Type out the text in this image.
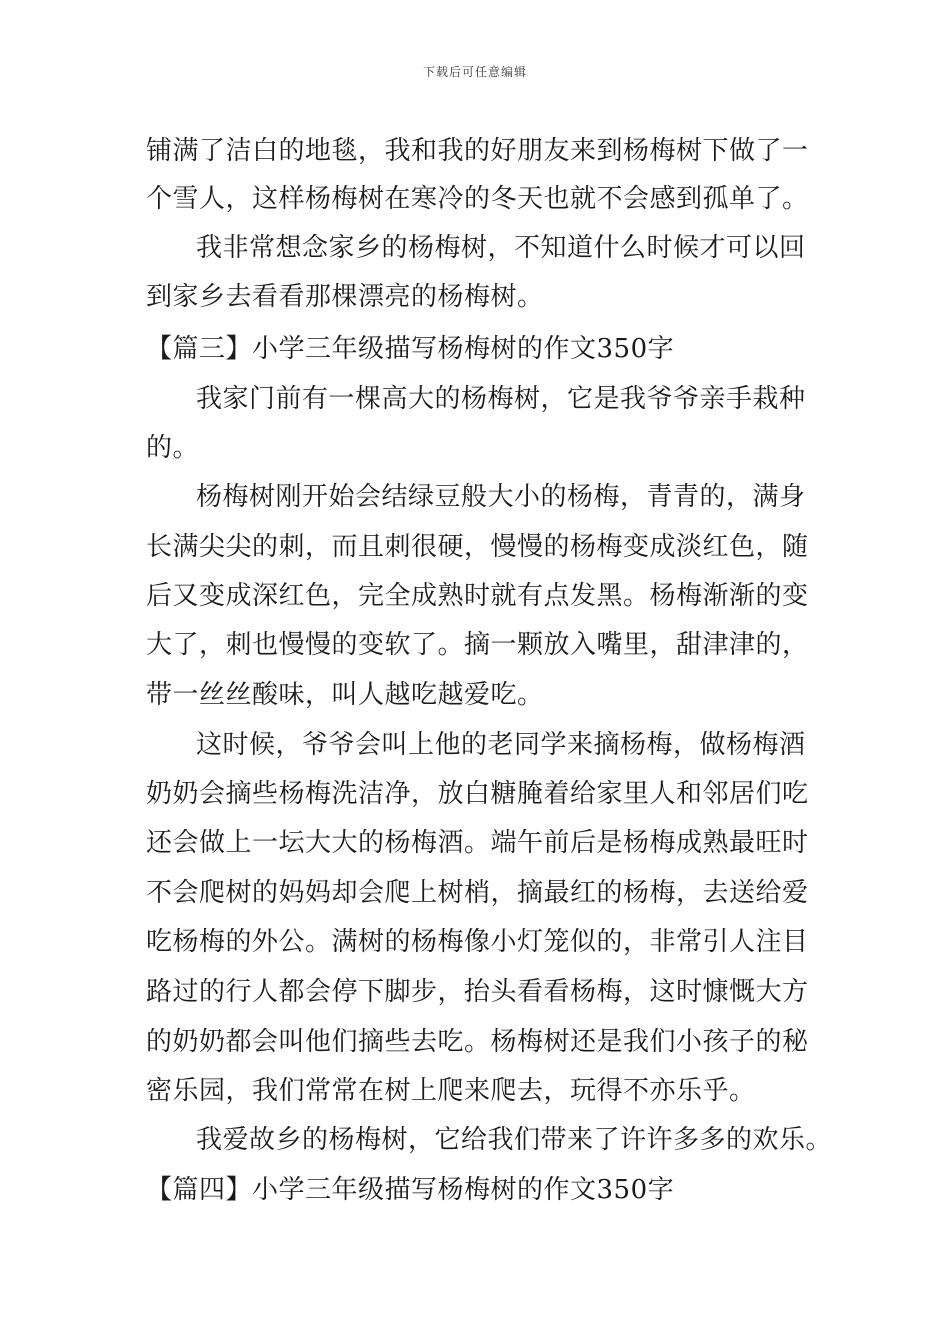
下载后可任意编辑
铺满了洁白的地毯，我和我的好朋友来到杨梅树下做了一
个雪人，这样杨梅树在寒冷的冬天也就不会感到孤单了。
我非常想念家乡的杨梅树，不知道什么时候才可以回
到家乡去看看那棵漂亮的杨梅树。
【篇三】小学三年级描写杨梅树的作文350字
我家门前有一棵高大的杨梅树，它是我爷爷亲手栽种
的。
杨梅树刚开始会结绿豆般大小的杨梅，青青的，满身
长满尖尖的刺，而且刺很硬，慢慢的杨梅变成淡红色，随
后又变成深红色，完全成熟时就有点发黑。杨梅渐渐的变
大了，刺也慢慢的变软了。摘一颗放入嘴里，甜津津的，
带一丝丝酸味，叫人越吃越爱吃。
这时候，爷爷会叫上他的老同学来摘杨梅，做杨梅酒
奶奶会摘些杨梅洗洁净，放白糖腌着给家里人和邻居们吃
还会做上一坛大大的杨梅酒。端午前后是杨梅成熟最旺时
不会爬树的妈妈却会爬上树梢，摘最红的杨梅，去送给爱
吃杨梅的外公。满树的杨梅像小灯笼似的，非常引人注目
路过的行人都会停下脚步，抬头看看杨梅，这时慷慨大方
的奶奶都会叫他们摘些去吃。杨梅树还是我们小孩子的秘
密乐园，我们常常在树上爬来爬去，玩得不亦乐乎。
我爱故乡的杨梅树，它给我们带来了许许多多的欢乐。
【篇四】小学三年级描写杨梅树的作文350字
